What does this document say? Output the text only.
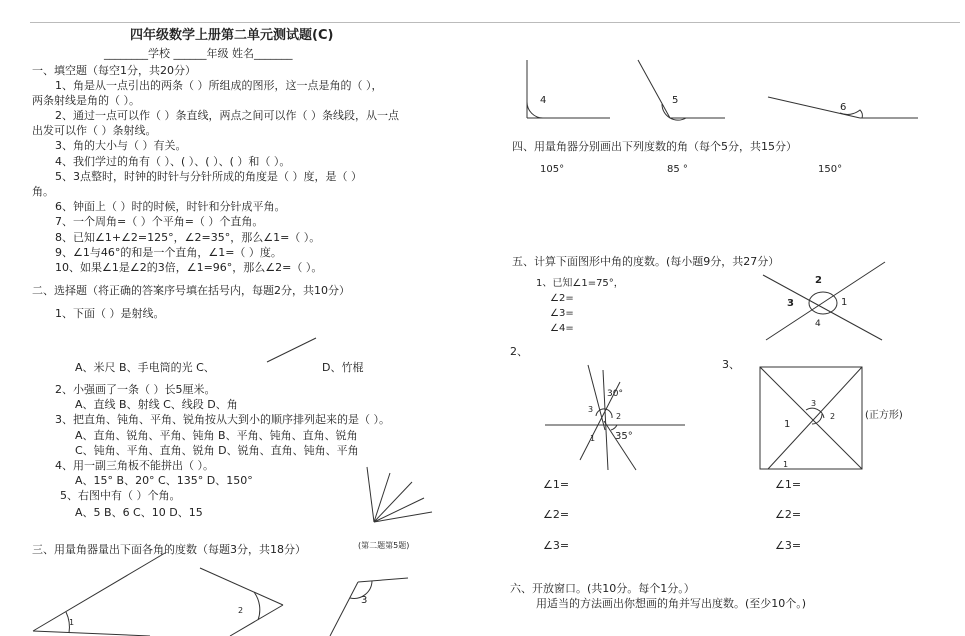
四年级数学上册第二单元测试题(C)
________学校 ______年级 姓名_______
一、填空题（每空1分，共20分）
1、角是从一点引出的两条（ ）所组成的图形，这一点是角的（ ），
两条射线是角的（ ）。
2、通过一点可以作（ ）条直线，两点之间可以作（ ）条线段，从一点
出发可以作（ ）条射线。
3、角的大小与（ ）有关。
4、我们学过的角有（ ）、( ）、( ）、( ）和（ ）。
5、3点整时，时钟的时针与分针所成的角度是（ ）度，是（ ）
角。
6、钟面上（ ）时的时候，时针和分针成平角。
7、一个周角=（ ）个平角=（ ）个直角。
8、已知∠1+∠2=125°，∠2=35°，那么∠1=（ ）。
9、∠1与46°的和是一个直角，∠1=（ ）度。
10、如果∠1是∠2的3倍，∠1=96°，那么∠2=（ ）。
二、选择题（将正确的答案序号填在括号内，每题2分，共10分）
1、下面（ ）是射线。
A、米尺 B、手电筒的光 C、	D、竹棍
2、小强画了一条（ ）长5厘米。
A、直线 B、射线 C、线段 D、角
3、把直角、钝角、平角、锐角按从大到小的顺序排列起来的是（ ）。
A、直角、锐角、平角、钝角 B、平角、钝角、直角、锐角
C、钝角、平角、直角、锐角 D、锐角、直角、钝角、平角
4、用一副三角板不能拼出（ ）。
A、15° B、20° C、135° D、150°
5、右图中有（ ）个角。
A、5 B、6 C、10 D、15
(第二题第5题)
三、用量角器量出下面各角的度数（每题3分，共18分）
四、用量角器分别画出下列度数的角（每个5分，共15分）
105°	85 °	150°
五、计算下面图形中角的度数。(每小题9分，共27分）
1、已知∠1=75°，
∠2=
∠3=
∠4=
2、
3、
(正方形)
∠1=
∠2=
∠3=
∠1=
∠2=
∠3=
六、开放窗口。(共10分。每个1分。）
用适当的方法画出你想画的角并写出度数。(至少10个。)
4	5
6
1
2
3
2
3	1
4
30°
3
2
1 35°
3
2
1
1
